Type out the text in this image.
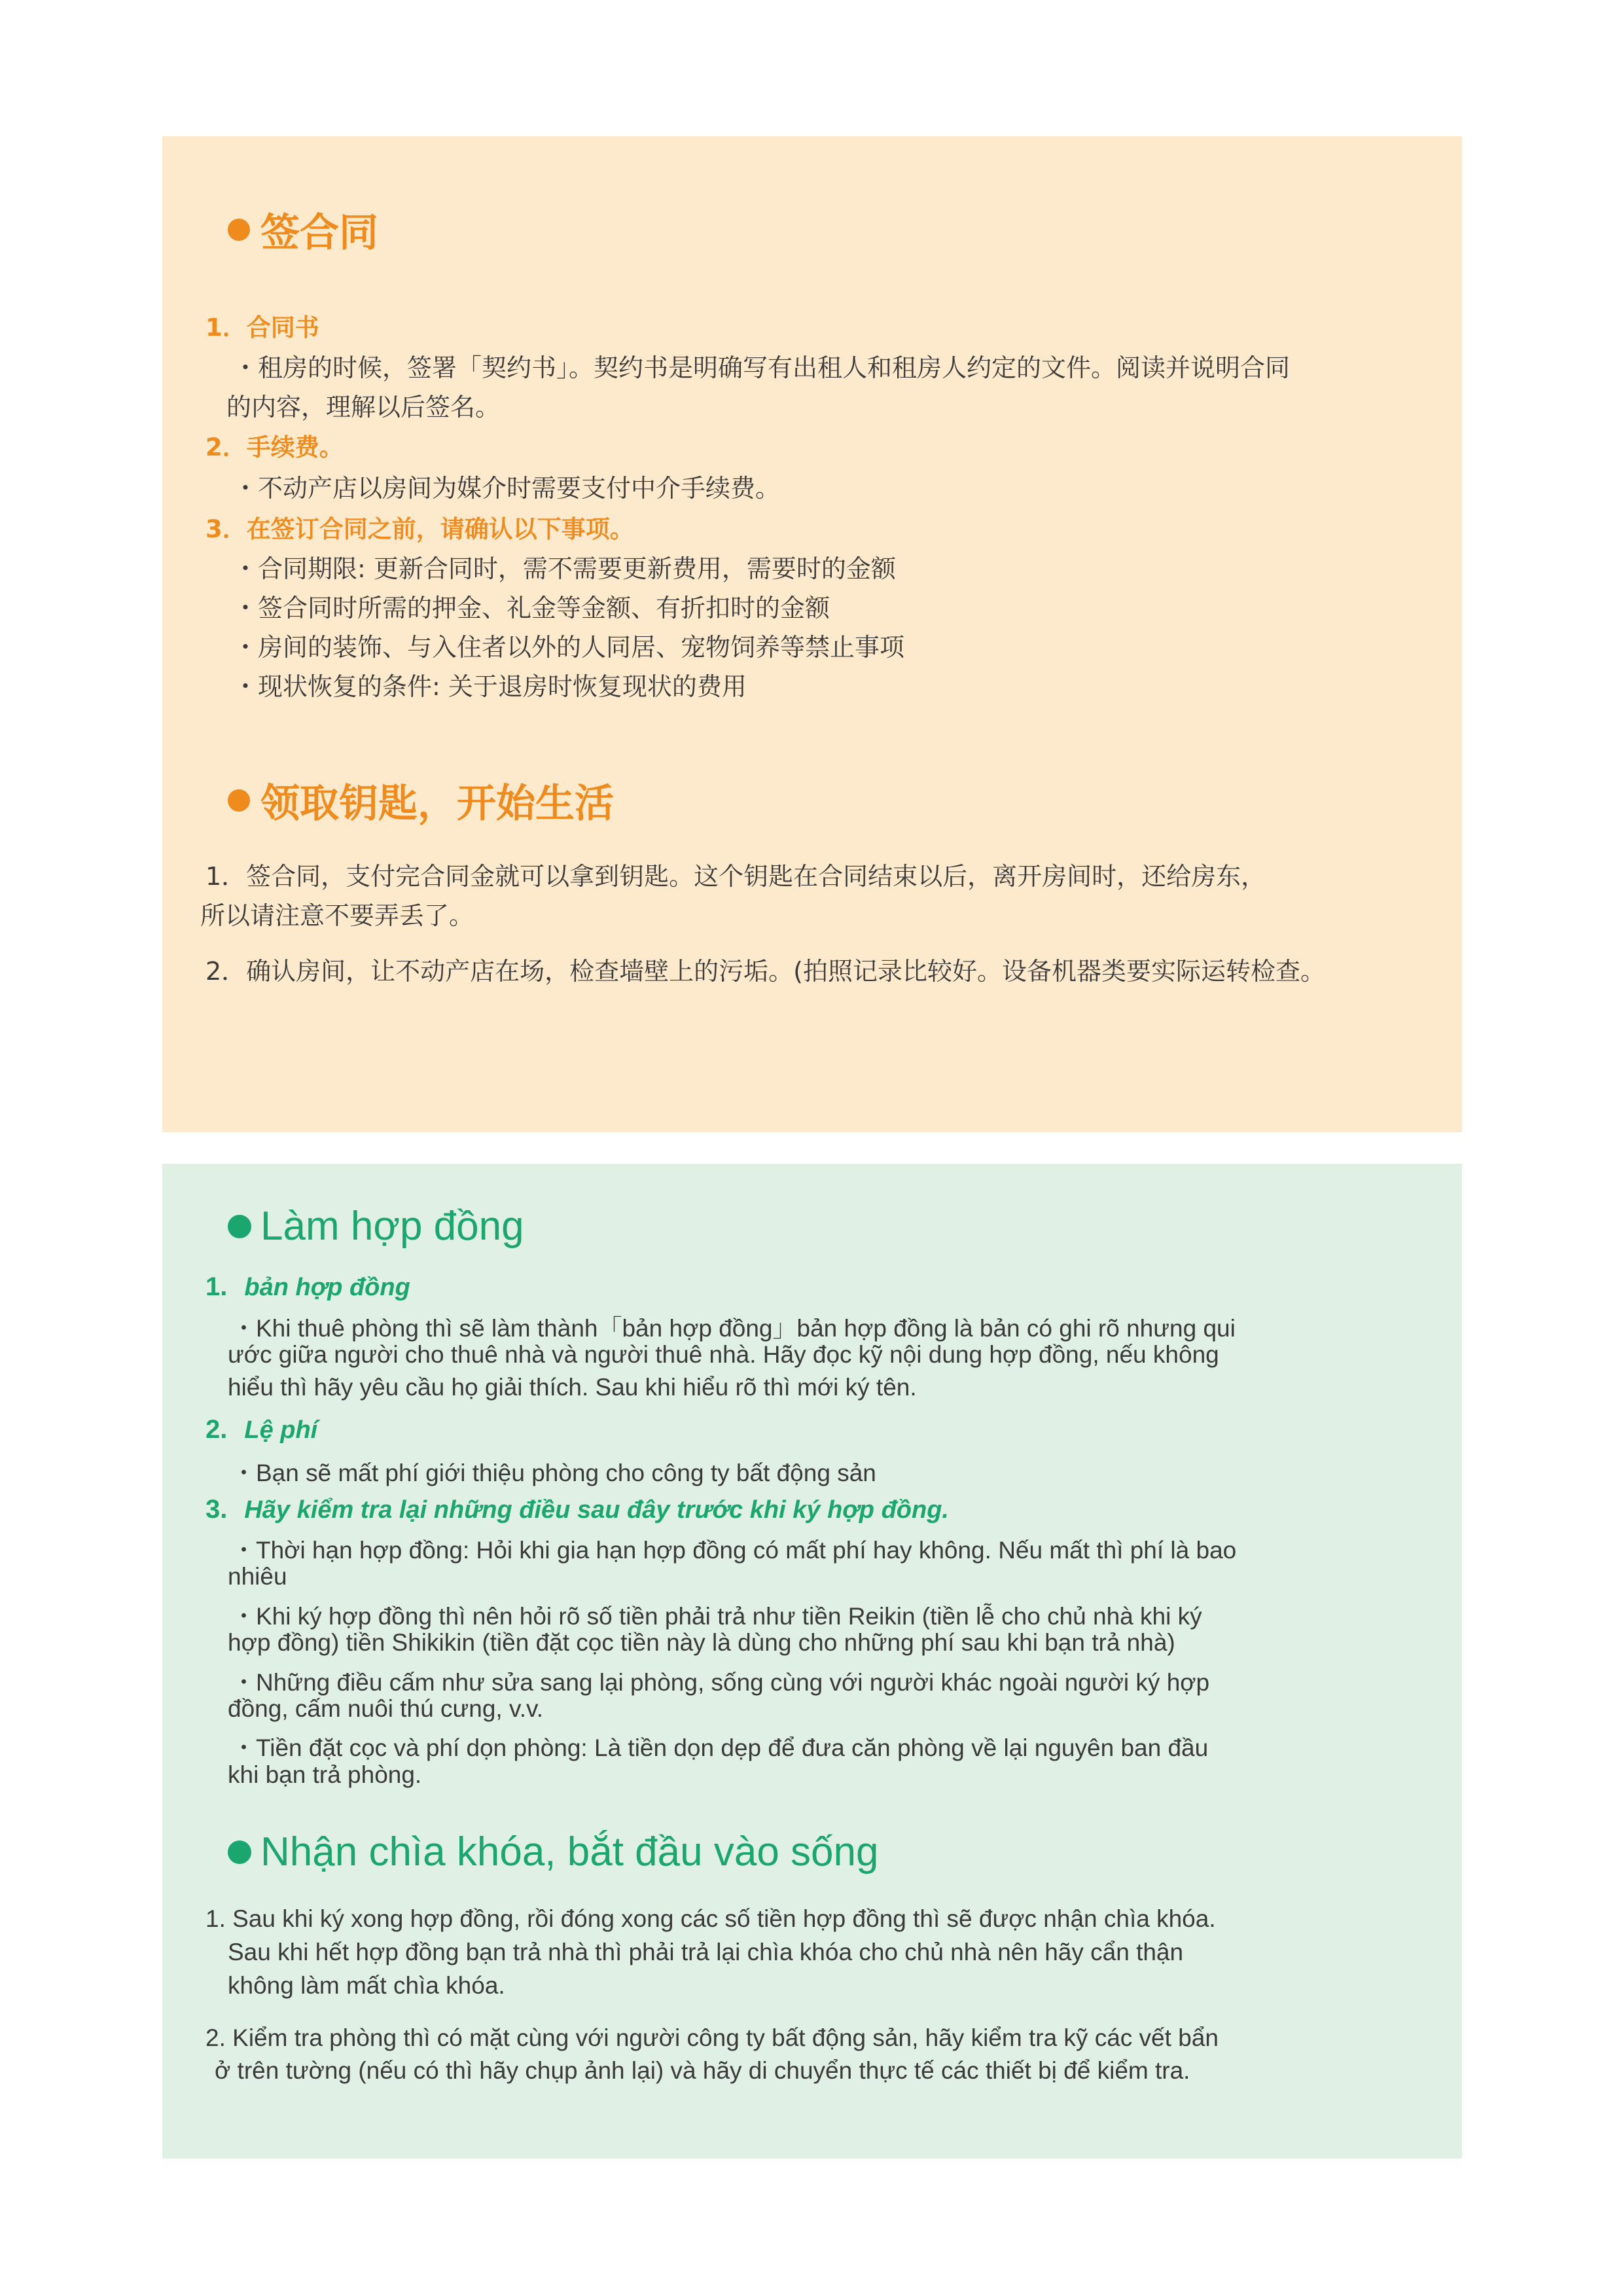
签合同
1．合同书
・租房的时候，签署「契约书」。契约书是明确写有出租人和租房人约定的文件。阅读并说明合同
的内容，理解以后签名。
2．手续费。
・不动产店以房间为媒介时需要支付中介手续费。
3．在签订合同之前，请确认以下事项。
・合同期限: 更新合同时，需不需要更新费用，需要时的金额
・签合同时所需的押金、礼金等金额、有折扣时的金额
・房间的装饰、与入住者以外的人同居、宠物饲养等禁止事项
・现状恢复的条件: 关于退房时恢复现状的费用
领取钥匙，开始生活
1．签合同，支付完合同金就可以拿到钥匙。这个钥匙在合同结束以后，离开房间时，还给房东，
所以请注意不要弄丢了。
2．确认房间，让不动产店在场，检查墙壁上的污垢。(拍照记录比较好。设备机器类要实际运转检查。
Làm hợp đồng
1. bản hợp đồng
・Khi thuê phòng thì sẽ làm thành「bản hợp đồng」bản hợp đồng là bản có ghi rõ nhưng qui
ước giữa người cho thuê nhà và người thuê nhà. Hãy đọc kỹ nội dung hợp đồng, nếu không
hiểu thì hãy yêu cầu họ giải thích. Sau khi hiểu rõ thì mới ký tên.
2. Lệ phí
・Bạn sẽ mất phí giới thiệu phòng cho công ty bất động sản
3. Hãy kiểm tra lại những điều sau đây trước khi ký hợp đồng.
・Thời hạn hợp đồng: Hỏi khi gia hạn hợp đồng có mất phí hay không. Nếu mất thì phí là bao
nhiêu
・Khi ký hợp đồng thì nên hỏi rõ số tiền phải trả như tiền Reikin (tiền lễ cho chủ nhà khi ký
hợp đồng) tiền Shikikin (tiền đặt cọc tiền này là dùng cho những phí sau khi bạn trả nhà)
・Những điều cấm như sửa sang lại phòng, sống cùng với người khác ngoài người ký hợp
đồng, cấm nuôi thú cưng, v.v.
・Tiền đặt cọc và phí dọn phòng: Là tiền dọn dẹp để đưa căn phòng về lại nguyên ban đầu
khi bạn trả phòng.
Nhận chìa khóa, bắt đầu vào sống
1. Sau khi ký xong hợp đồng, rồi đóng xong các số tiền hợp đồng thì sẽ được nhận chìa khóa.
Sau khi hết hợp đồng bạn trả nhà thì phải trả lại chìa khóa cho chủ nhà nên hãy cẩn thận
không làm mất chìa khóa.
2. Kiểm tra phòng thì có mặt cùng với người công ty bất động sản, hãy kiểm tra kỹ các vết bẩn
ở trên tường (nếu có thì hãy chụp ảnh lại) và hãy di chuyển thực tế các thiết bị để kiểm tra.
